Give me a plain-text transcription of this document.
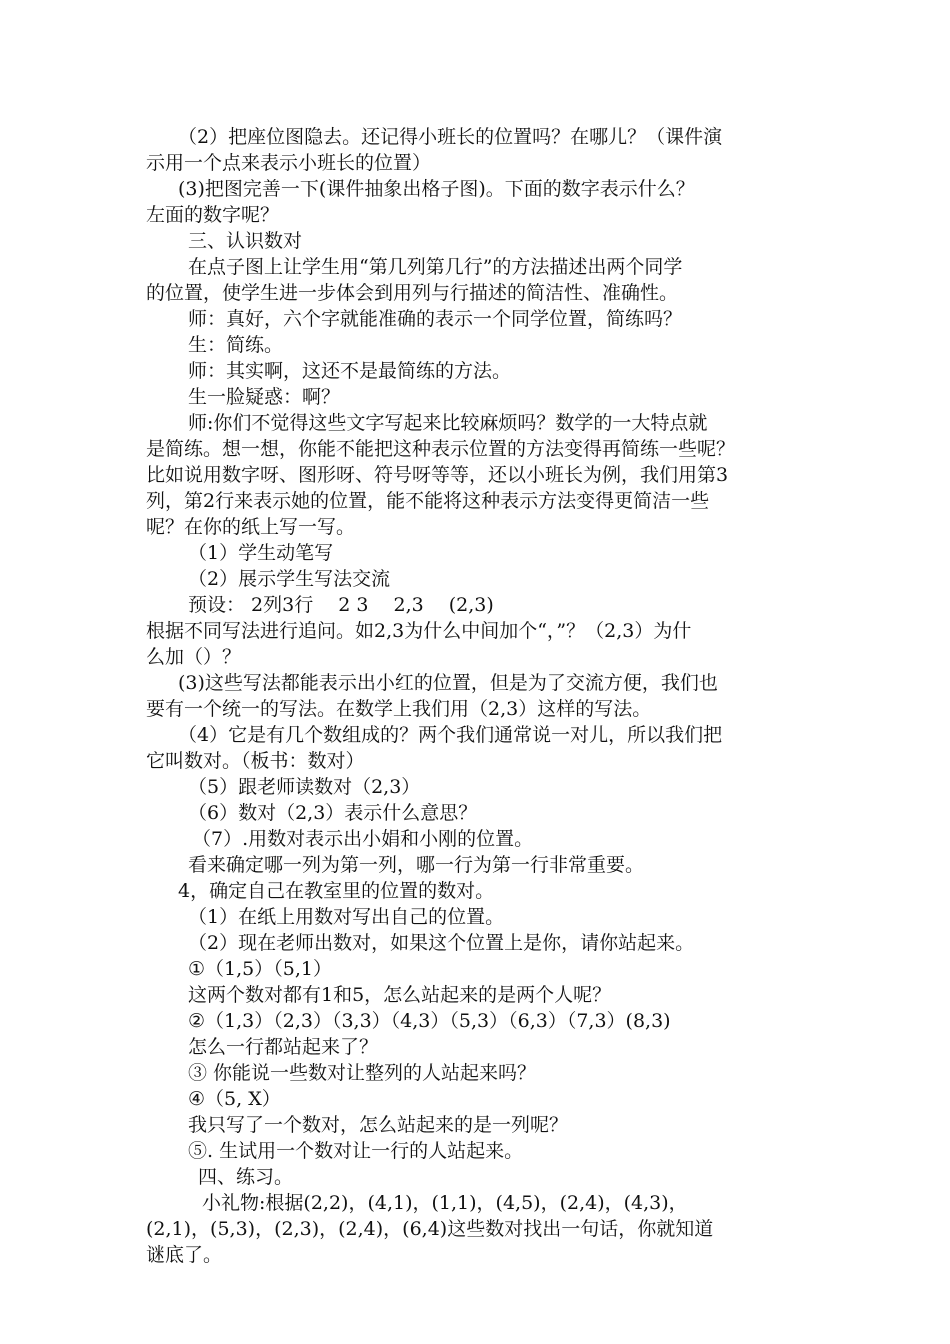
（2）把座位图隐去。还记得小班长的位置吗？在哪儿？（课件演
示用一个点来表示小班长的位置）
(3)把图完善一下(课件抽象出格子图)。下面的数字表示什么？
左面的数字呢？
三、认识数对
在点子图上让学生用“第几列第几行”的方法描述出两个同学
的位置，使学生进一步体会到用列与行描述的简洁性、准确性。
师：真好，六个字就能准确的表示一个同学位置，简练吗？
生：简练。
师：其实啊，这还不是最简练的方法。
生一脸疑惑：啊？
师:你们不觉得这些文字写起来比较麻烦吗？数学的一大特点就
是简练。想一想，你能不能把这种表示位置的方法变得再简练一些呢？
比如说用数字呀、图形呀、符号呀等等，还以小班长为例，我们用第3
列，第2行来表示她的位置，能不能将这种表示方法变得更简洁一些
呢？在你的纸上写一写。
（1）学生动笔写
（2）展示学生写法交流
预设： 2列3行　 2 3　 2,3　 (2,3)
根据不同写法进行追问。如2,3为什么中间加个“，”？（2,3）为什
么加（）？
(3)这些写法都能表示出小红的位置，但是为了交流方便，我们也
要有一个统一的写法。在数学上我们用（2,3）这样的写法。
（4）它是有几个数组成的？两个我们通常说一对儿，所以我们把
它叫数对。（板书：数对）
（5）跟老师读数对（2,3）
（6）数对（2,3）表示什么意思？
（7）.用数对表示出小娟和小刚的位置。
看来确定哪一列为第一列，哪一行为第一行非常重要。
4，确定自己在教室里的位置的数对。
（1）在纸上用数对写出自己的位置。
（2）现在老师出数对，如果这个位置上是你，请你站起来。
①（1,5）（5,1）
这两个数对都有1和5，怎么站起来的是两个人呢？
②（1,3）（2,3）（3,3）（4,3）（5,3）（6,3）（7,3）(8,3)
怎么一行都站起来了？
③ 你能说一些数对让整列的人站起来吗？
④（5, X）
我只写了一个数对，怎么站起来的是一列呢？
⑤. 生试用一个数对让一行的人站起来。
四、练习。
小礼物:根据(2,2)，(4,1)，(1,1)，(4,5)，(2,4)，(4,3)，
(2,1)，(5,3)，(2,3)，(2,4)，(6,4)这些数对找出一句话，你就知道
谜底了。
